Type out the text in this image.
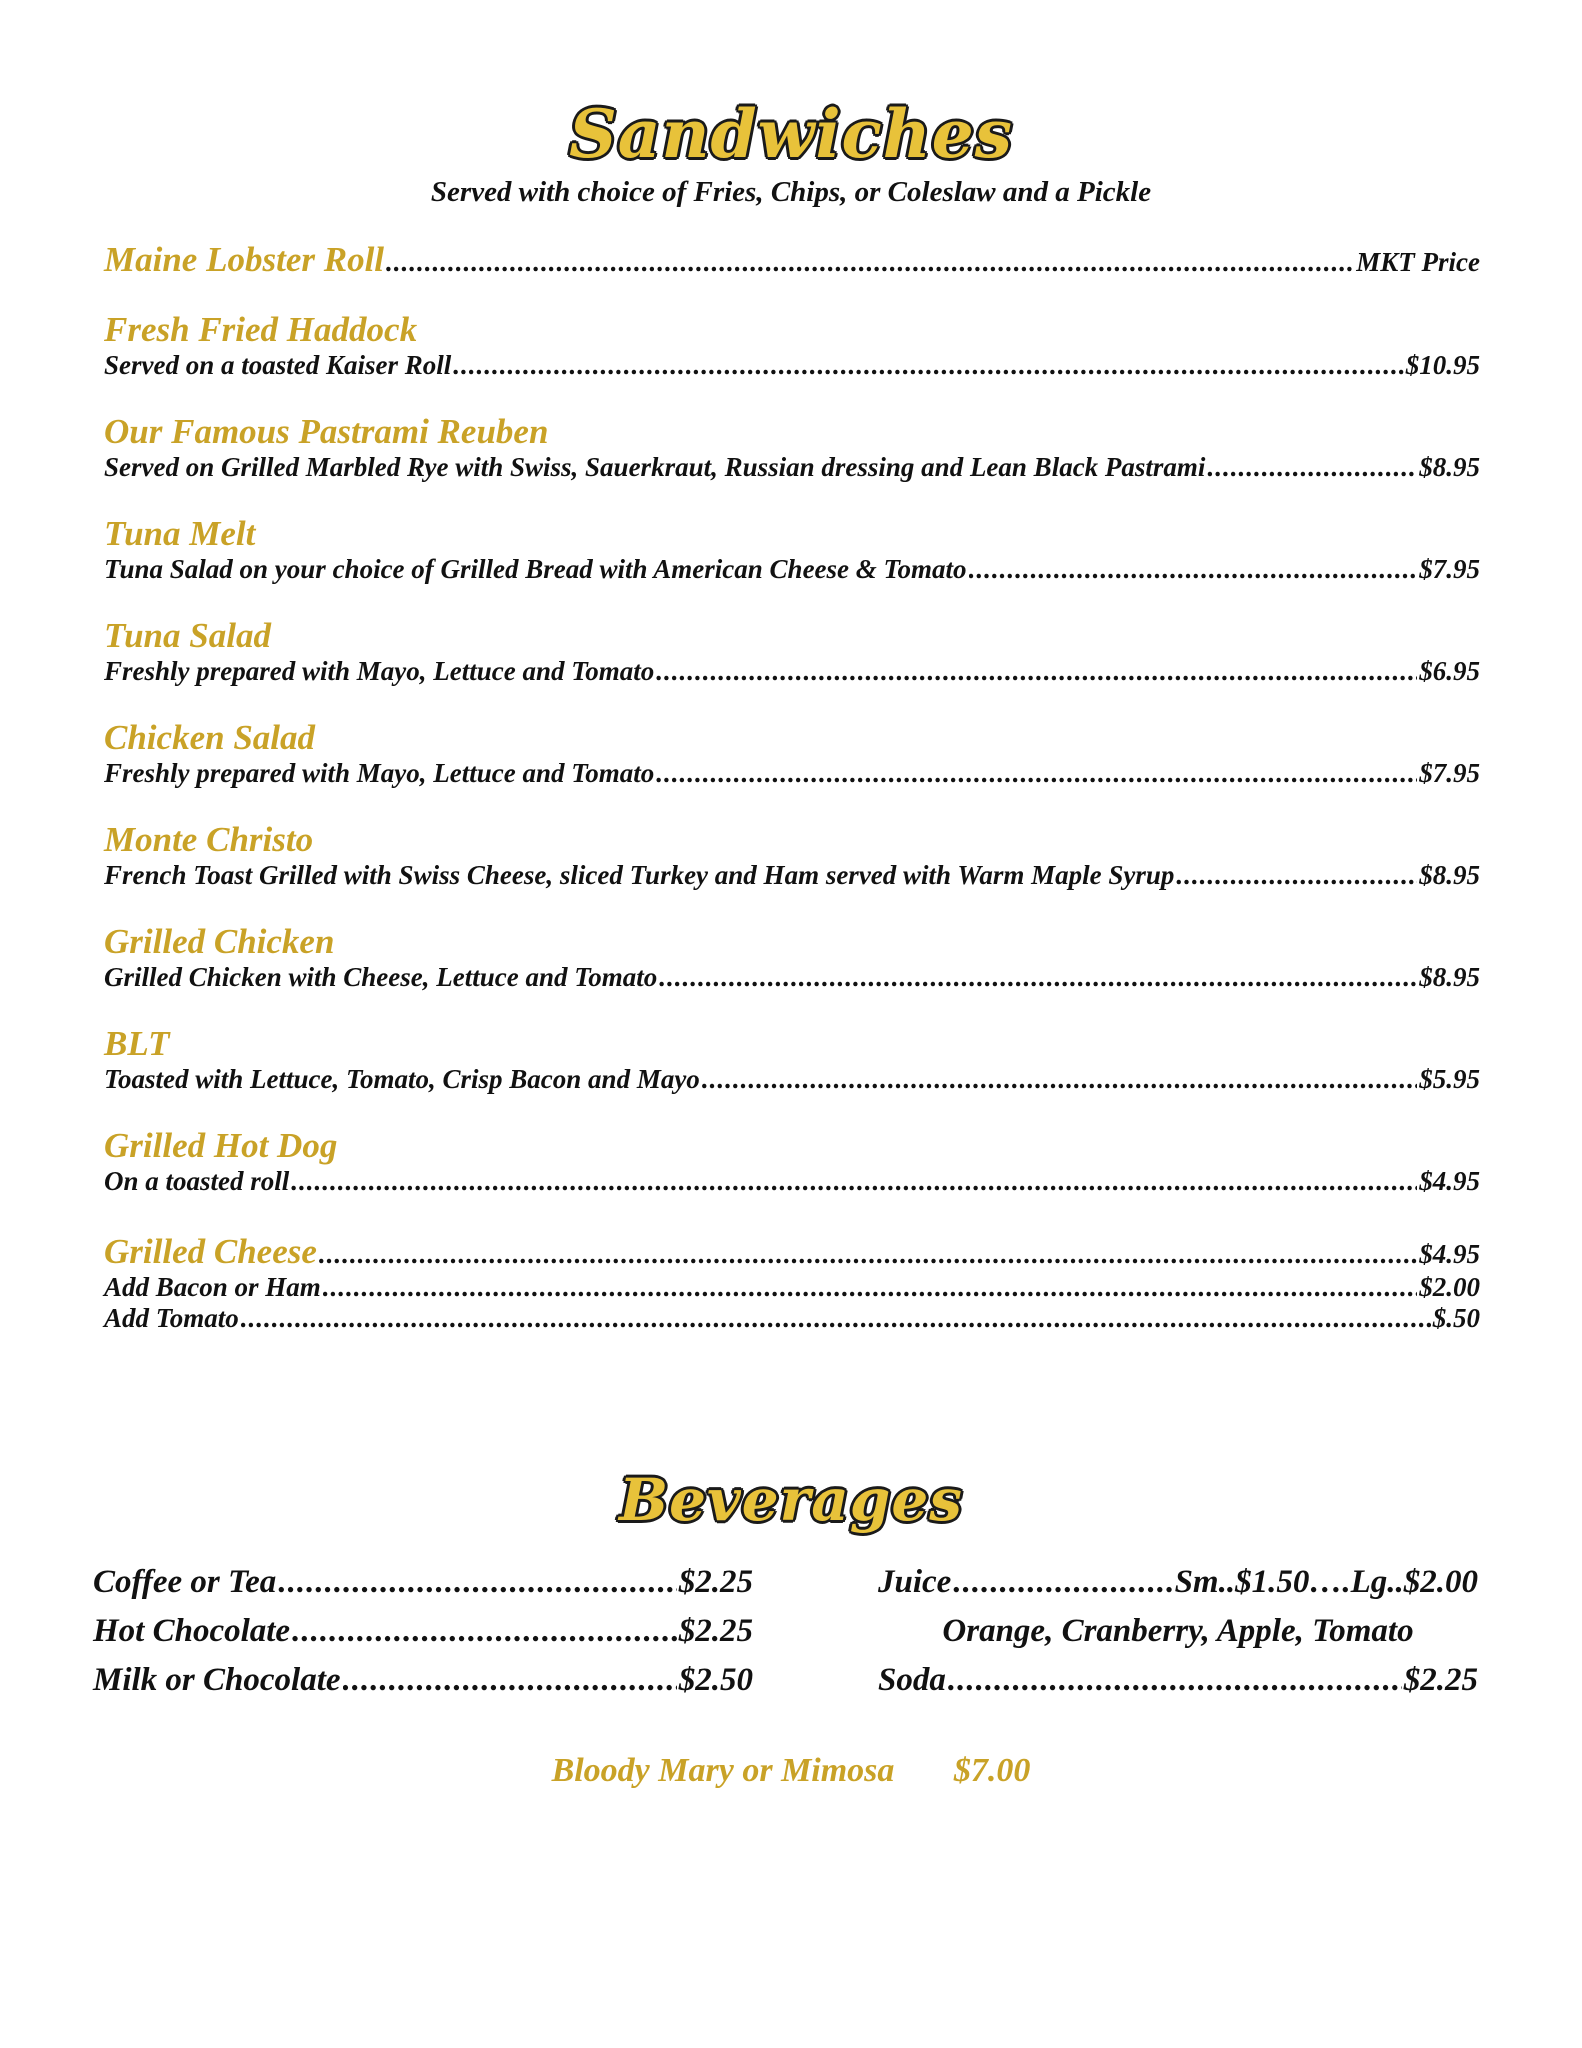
Sandwiches
Served with choice of Fries, Chips, or Coleslaw and a Pickle
Maine Lobster Roll .....	MKT Price
Fresh Fried Haddock
Served on a toasted Kaiser Roll .....	$10.95
Our Famous Pastrami Reuben
Served on Grilled Marbled Rye with Swiss, Sauerkraut, Russian dressing and Lean Black Pastrami .....	$8.95
Tuna Melt
Tuna Salad on your choice of Grilled Bread with American Cheese & Tomato .....	$7.95
Tuna Salad
Freshly prepared with Mayo, Lettuce and Tomato .....	$6.95
Chicken Salad
Freshly prepared with Mayo, Lettuce and Tomato .....	$7.95
Monte Christo
French Toast Grilled with Swiss Cheese, sliced Turkey and Ham served with Warm Maple Syrup .....	$8.95
Grilled Chicken
Grilled Chicken with Cheese, Lettuce and Tomato .....	$8.95
BLT
Toasted with Lettuce, Tomato, Crisp Bacon and Mayo .....	$5.95
Grilled Hot Dog
On a toasted roll .....	$4.95
Grilled Cheese .....	$4.95
Add Bacon or Ham .....	$2.00
Add Tomato .....	$.50
Beverages
Coffee or Tea .....	$2.25
Hot Chocolate .....	$2.25
Milk or Chocolate .....	$2.50
Juice .....	Sm..$1.50….Lg..$2.00
Orange, Cranberry, Apple, Tomato
Soda .....	$2.25
Bloody Mary or Mimosa $7.00
